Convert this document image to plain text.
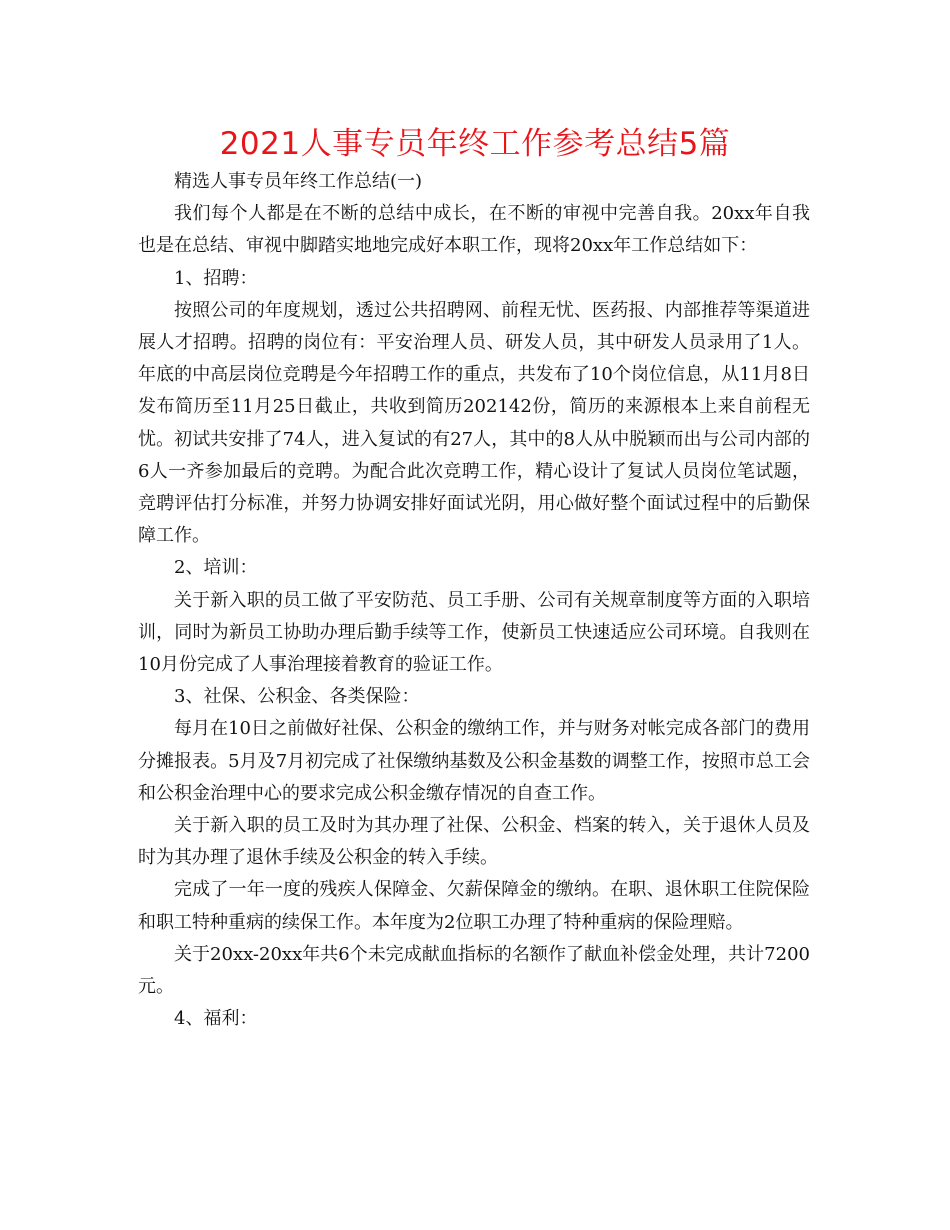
2021人事专员年终工作参考总结5篇

精选人事专员年终工作总结(一)

我们每个人都是在不断的总结中成长，在不断的审视中完善自我。20xx年自我也是在总结、审视中脚踏实地地完成好本职工作，现将20xx年工作总结如下：

1、招聘：

按照公司的年度规划，透过公共招聘网、前程无忧、医药报、内部推荐等渠道进展人才招聘。招聘的岗位有：平安治理人员、研发人员，其中研发人员录用了1人。年底的中高层岗位竞聘是今年招聘工作的重点，共发布了10个岗位信息，从11月8日发布简历至11月25日截止，共收到简历202142份，简历的来源根本上来自前程无忧。初试共安排了74人，进入复试的有27人，其中的8人从中脱颖而出与公司内部的6人一齐参加最后的竞聘。为配合此次竞聘工作，精心设计了复试人员岗位笔试题，竞聘评估打分标准，并努力协调安排好面试光阴，用心做好整个面试过程中的后勤保障工作。

2、培训：

关于新入职的员工做了平安防范、员工手册、公司有关规章制度等方面的入职培训，同时为新员工协助办理后勤手续等工作，使新员工快速适应公司环境。自我则在10月份完成了人事治理接着教育的验证工作。

3、社保、公积金、各类保险：

每月在10日之前做好社保、公积金的缴纳工作，并与财务对帐完成各部门的费用分摊报表。5月及7月初完成了社保缴纳基数及公积金基数的调整工作，按照市总工会和公积金治理中心的要求完成公积金缴存情况的自查工作。

关于新入职的员工及时为其办理了社保、公积金、档案的转入，关于退休人员及时为其办理了退休手续及公积金的转入手续。

完成了一年一度的残疾人保障金、欠薪保障金的缴纳。在职、退休职工住院保险和职工特种重病的续保工作。本年度为2位职工办理了特种重病的保险理赔。

关于20xx-20xx年共6个未完成献血指标的名额作了献血补偿金处理，共计7200元。

4、福利：
